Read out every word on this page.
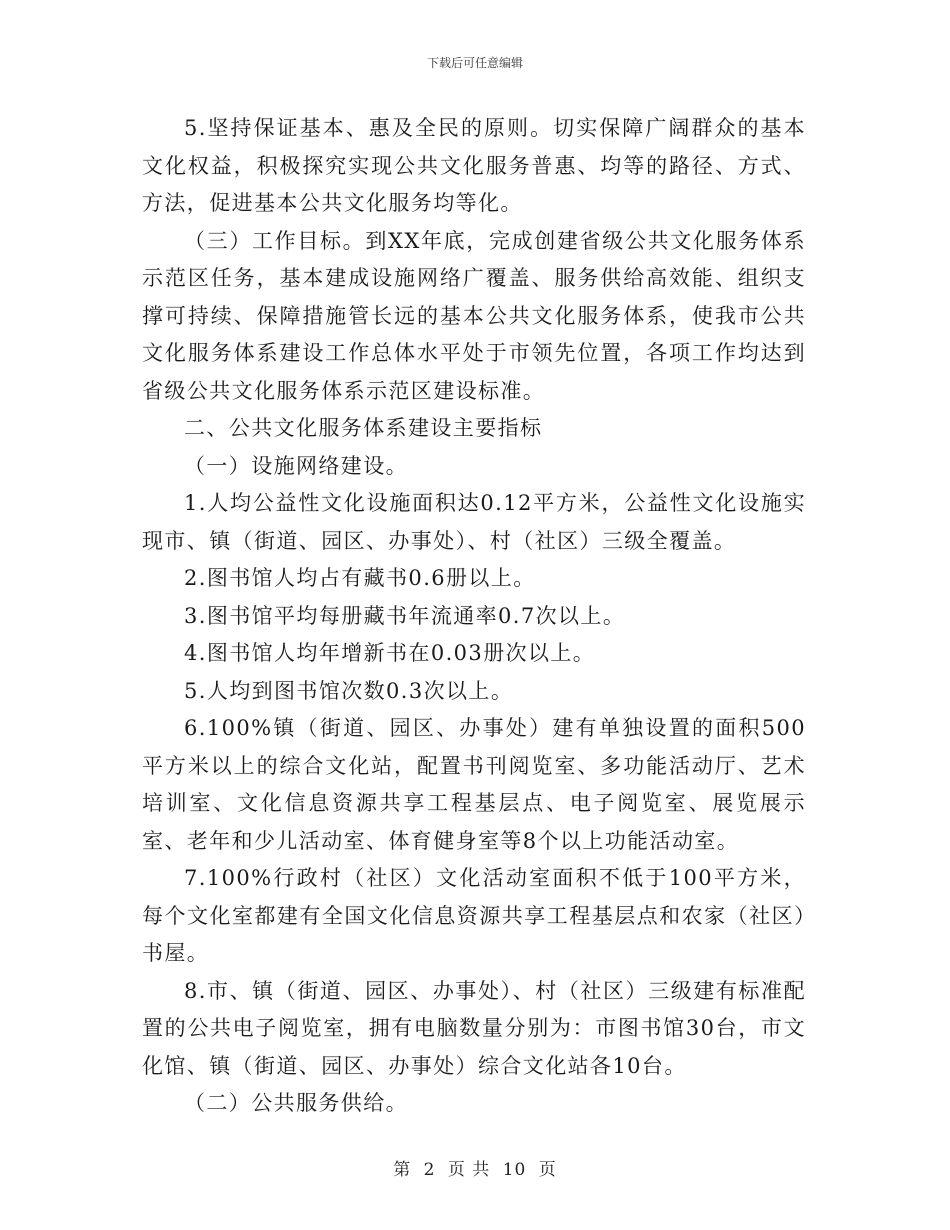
下载后可任意编辑

5.坚持保证基本、惠及全民的原则。切实保障广阔群众的基本文化权益，积极探究实现公共文化服务普惠、均等的路径、方式、方法，促进基本公共文化服务均等化。

（三）工作目标。到XX年底，完成创建省级公共文化服务体系示范区任务，基本建成设施网络广覆盖、服务供给高效能、组织支撑可持续、保障措施管长远的基本公共文化服务体系，使我市公共文化服务体系建设工作总体水平处于市领先位置，各项工作均达到省级公共文化服务体系示范区建设标准。

二、公共文化服务体系建设主要指标

（一）设施网络建设。

1.人均公益性文化设施面积达0.12平方米，公益性文化设施实现市、镇（街道、园区、办事处）、村（社区）三级全覆盖。

2.图书馆人均占有藏书0.6册以上。

3.图书馆平均每册藏书年流通率0.7次以上。

4.图书馆人均年增新书在0.03册次以上。

5.人均到图书馆次数0.3次以上。

6.100%镇（街道、园区、办事处）建有单独设置的面积500平方米以上的综合文化站，配置书刊阅览室、多功能活动厅、艺术培训室、文化信息资源共享工程基层点、电子阅览室、展览展示室、老年和少儿活动室、体育健身室等8个以上功能活动室。

7.100%行政村（社区）文化活动室面积不低于100平方米，每个文化室都建有全国文化信息资源共享工程基层点和农家（社区）书屋。

8.市、镇（街道、园区、办事处）、村（社区）三级建有标准配置的公共电子阅览室，拥有电脑数量分别为：市图书馆30台，市文化馆、镇（街道、园区、办事处）综合文化站各10台。

（二）公共服务供给。

第 2 页 共 10 页
